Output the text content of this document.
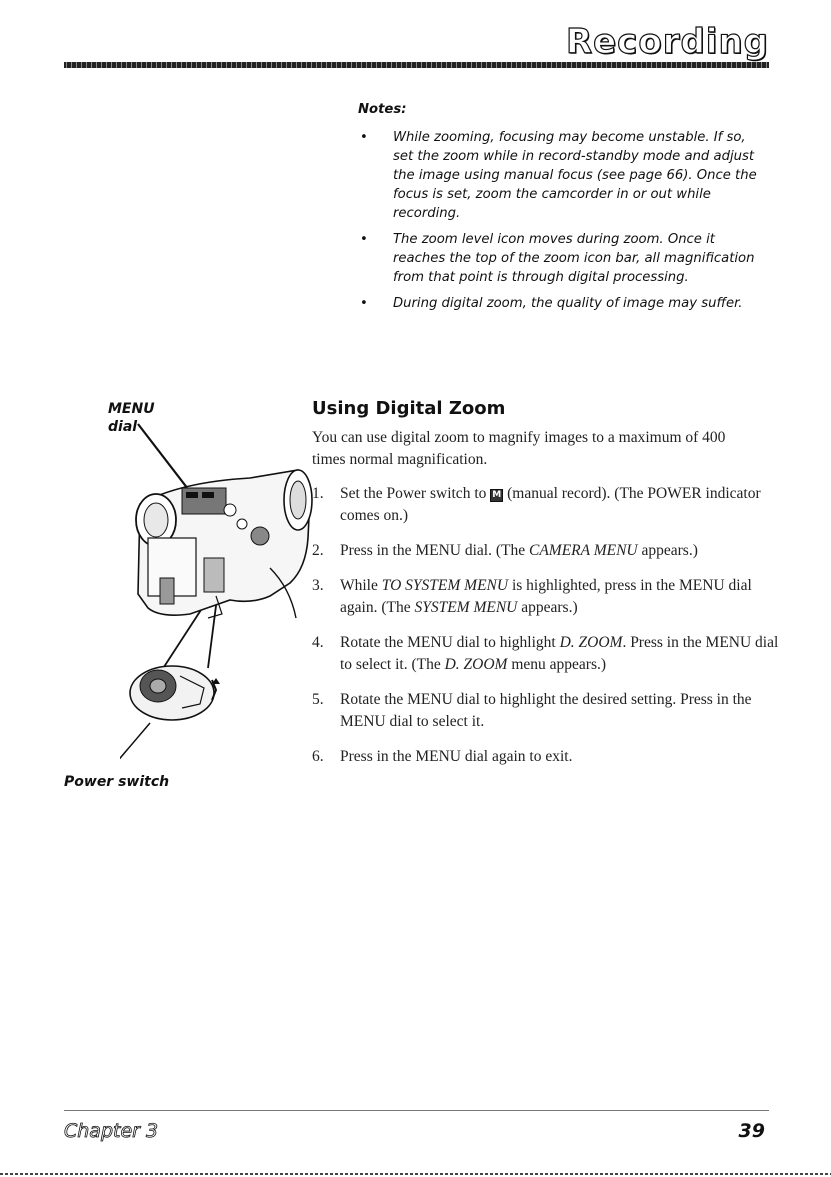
Recording
Notes:
• While zooming, focusing may become unstable. If so, set the zoom while in record-standby mode and adjust the image using manual focus (see page 66). Once the focus is set, zoom the camcorder in or out while recording.
• The zoom level icon moves during zoom. Once it reaches the top of the zoom icon bar, all magnification from that point is through digital processing.
• During digital zoom, the quality of image may suffer.
MENU
dial
Power switch
Using Digital Zoom
You can use digital zoom to magnify images to a maximum of 400 times normal magnification.
1. Set the Power switch to M (manual record). (The POWER indicator comes on.)
2. Press in the MENU dial. (The CAMERA MENU appears.)
3. While TO SYSTEM MENU is highlighted, press in the MENU dial again. (The SYSTEM MENU appears.)
4. Rotate the MENU dial to highlight D. ZOOM. Press in the MENU dial to select it. (The D. ZOOM menu appears.)
5. Rotate the MENU dial to highlight the desired setting. Press in the MENU dial to select it.
6. Press in the MENU dial again to exit.
Chapter 3	39
